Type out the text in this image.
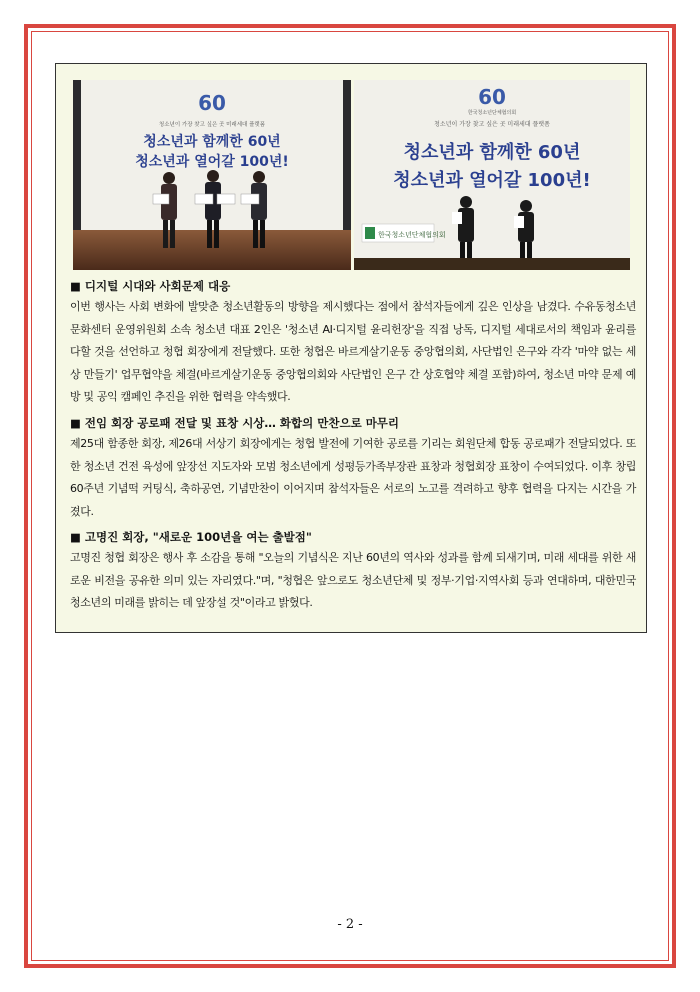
60
청소년이 가장 찾고 싶은 곳 미래세대 플랫폼
청소년과 함께한 60년
청소년과 열어갈 100년!
60
한국청소년단체협의회
청소년이 가장 찾고 싶은 곳 미래세대 플랫폼
청소년과 함께한 60년
청소년과 열어갈 100년!
한국청소년단체협의회

■ 디지털 시대와 사회문제 대응

이번 행사는 사회 변화에 발맞춘 청소년활동의 방향을 제시했다는 점에서 참석자들에게 깊은 인상을 남겼다. 수유동청소년문화센터 운영위원회 소속 청소년 대표 2인은 '청소년 AI·디지털 윤리헌장'을 직접 낭독, 디지털 세대로서의 책임과 윤리를 다할 것을 선언하고 청협 회장에게 전달했다. 또한 청협은 바르게살기운동 중앙협의회, 사단법인 은구와 각각 '마약 없는 세상 만들기' 업무협약을 체결(바르게살기운동 중앙협의회와 사단법인 은구 간 상호협약 체결 포함)하여, 청소년 마약 문제 예방 및 공익 캠페인 추진을 위한 협력을 약속했다.

■ 전임 회장 공로패 전달 및 표창 시상… 화합의 만찬으로 마무리

제25대 함종한 회장, 제26대 서상기 회장에게는 청협 발전에 기여한 공로를 기리는 회원단체 합동 공로패가 전달되었다. 또한 청소년 건전 육성에 앞장선 지도자와 모범 청소년에게 성평등가족부장관 표창과 청협회장 표창이 수여되었다. 이후 창립 60주년 기념떡 커팅식, 축하공연, 기념만찬이 이어지며 참석자들은 서로의 노고를 격려하고 향후 협력을 다지는 시간을 가졌다.

■ 고명진 회장, "새로운 100년을 여는 출발점"

고명진 청협 회장은 행사 후 소감을 통해 "오늘의 기념식은 지난 60년의 역사와 성과를 함께 되새기며, 미래 세대를 위한 새로운 비전을 공유한 의미 있는 자리였다."며, "청협은 앞으로도 청소년단체 및 정부·기업·지역사회 등과 연대하며, 대한민국 청소년의 미래를 밝히는 데 앞장설 것"이라고 밝혔다.

- 2 -
